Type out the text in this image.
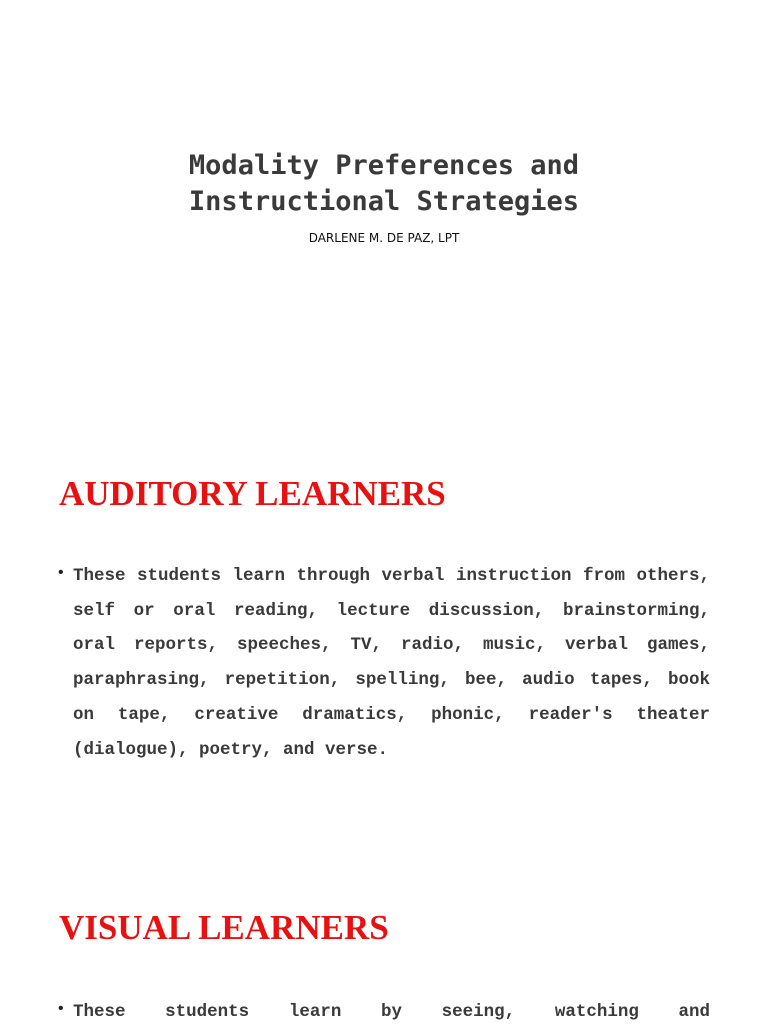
Modality Preferences and
Instructional Strategies

DARLENE M. DE PAZ, LPT

AUDITORY LEARNERS
• These students learn through verbal instruction from others, self or oral reading, lecture discussion, brainstorming, oral reports, speeches, TV, radio, music, verbal games, paraphrasing, repetition, spelling, bee, audio tapes, book on tape, creative dramatics, phonic, reader′s theater (dialogue), poetry, and verse.

VISUAL LEARNERS
• These students learn by seeing, watching and
